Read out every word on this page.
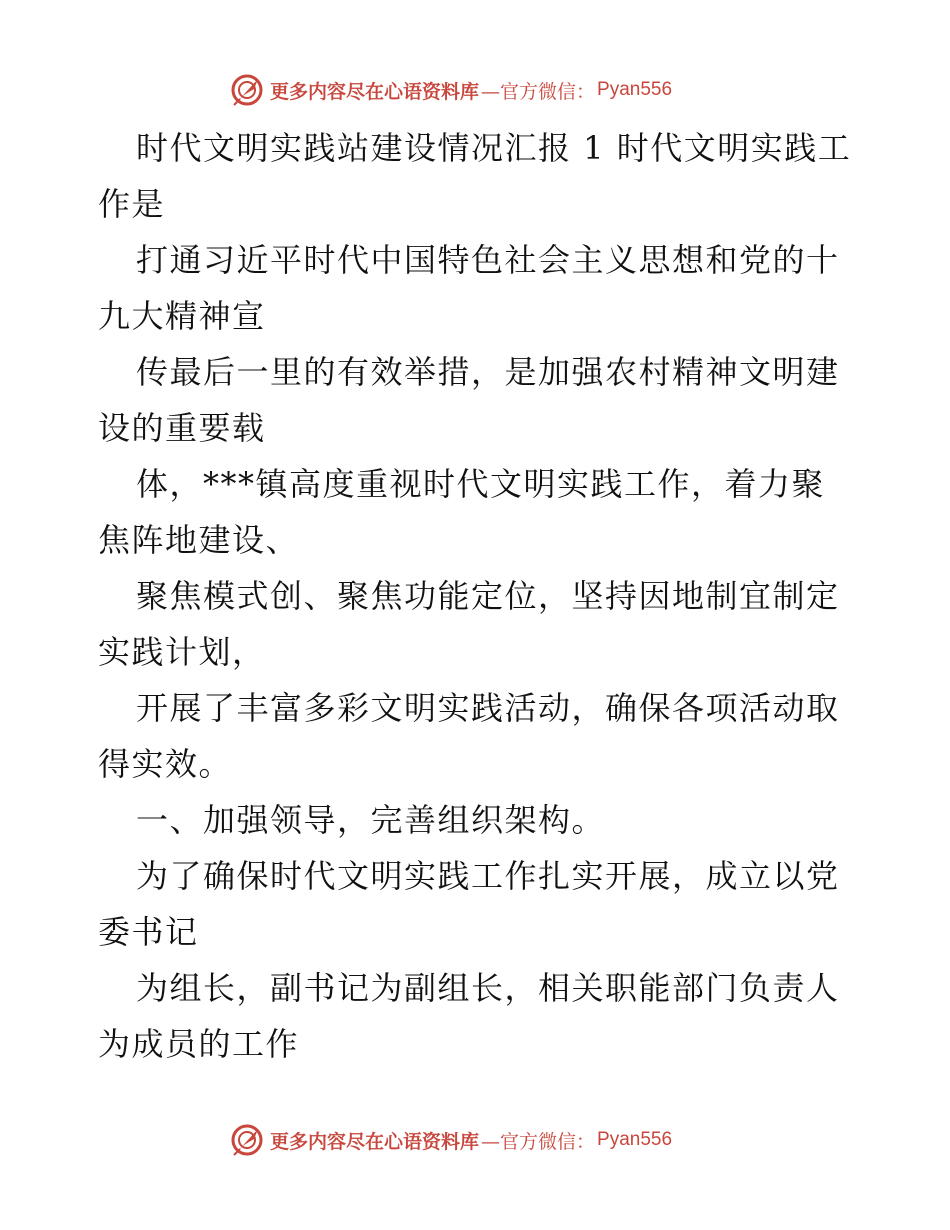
更多内容尽在心语资料库 —官方微信： Pyan556

时代文明实践站建设情况汇报 1 时代文明实践工作是

打通习近平时代中国特色社会主义思想和党的十九大精神宣

传最后一里的有效举措，是加强农村精神文明建设的重要载

体，***镇高度重视时代文明实践工作，着力聚焦阵地建设、

聚焦模式创、聚焦功能定位，坚持因地制宜制定实践计划，

开展了丰富多彩文明实践活动，确保各项活动取得实效。

一、加强领导，完善组织架构。

为了确保时代文明实践工作扎实开展，成立以党委书记

为组长，副书记为副组长，相关职能部门负责人为成员的工作

更多内容尽在心语资料库 —官方微信： Pyan556
